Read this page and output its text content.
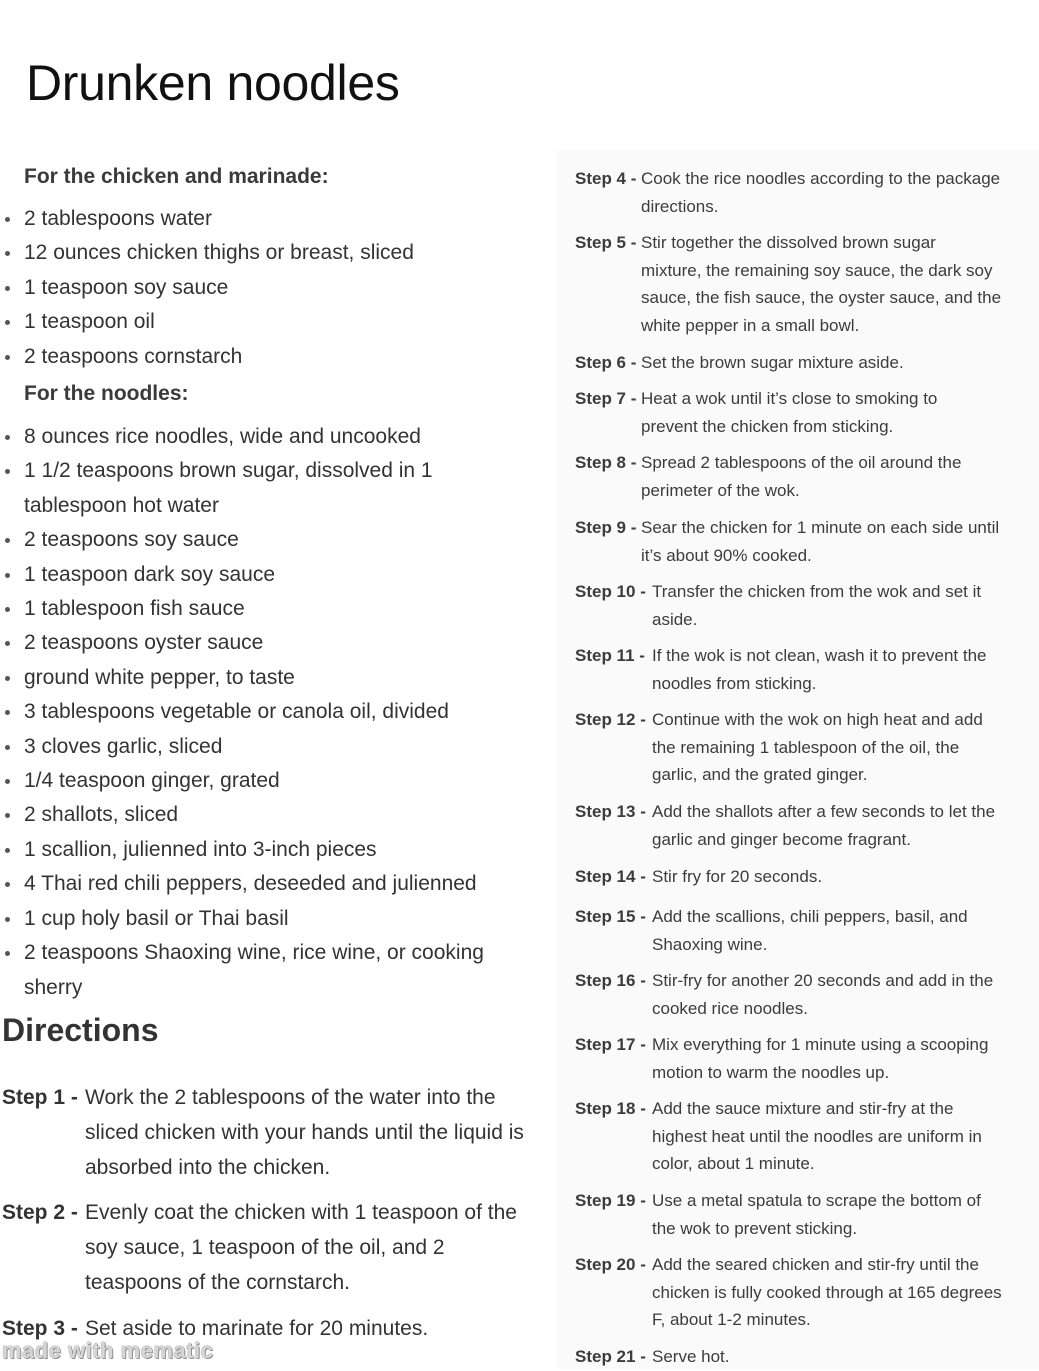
Drunken noodles
Directions
Step 4 - Cook the rice noodles according to the package
directions.
Step 5 - Stir together the dissolved brown sugar
mixture, the remaining soy sauce, the dark soy
sauce, the fish sauce, the oyster sauce, and the
white pepper in a small bowl.
Step 6 - Set the brown sugar mixture aside.
Step 7 - Heat a wok until it’s close to smoking to
prevent the chicken from sticking.
Step 8 - Spread 2 tablespoons of the oil around the
perimeter of the wok.
Step 9 - Sear the chicken for 1 minute on each side until
it’s about 90% cooked.
Step 10 - Transfer the chicken from the wok and set it
aside.
Step 11 - If the wok is not clean, wash it to prevent the
noodles from sticking.
Step 12 - Continue with the wok on high heat and add
the remaining 1 tablespoon of the oil, the
garlic, and the grated ginger.
Step 13 - Add the shallots after a few seconds to let the
garlic and ginger become fragrant.
Step 14 - Stir fry for 20 seconds.
Step 15 - Add the scallions, chili peppers, basil, and
Shaoxing wine.
Step 16 - Stir-fry for another 20 seconds and add in the
cooked rice noodles.
Step 17 - Mix everything for 1 minute using a scooping
motion to warm the noodles up.
Step 18 - Add the sauce mixture and stir-fry at the
highest heat until the noodles are uniform in
color, about 1 minute.
Step 19 - Use a metal spatula to scrape the bottom of
the wok to prevent sticking.
Step 20 - Add the seared chicken and stir-fry until the
chicken is fully cooked through at 165 degrees
F, about 1-2 minutes.
Step 21 - Serve hot.
made with mematic
For the chicken and marinade:
2 tablespoons water
12 ounces chicken thighs or breast, sliced
1 teaspoon soy sauce
1 teaspoon oil
2 teaspoons cornstarch
For the noodles:
8 ounces rice noodles, wide and uncooked
1 1/2 teaspoons brown sugar, dissolved in 1
tablespoon hot water
2 teaspoons soy sauce
1 teaspoon dark soy sauce
1 tablespoon fish sauce
2 teaspoons oyster sauce
ground white pepper, to taste
3 tablespoons vegetable or canola oil, divided
3 cloves garlic, sliced
1/4 teaspoon ginger, grated
2 shallots, sliced
1 scallion, julienned into 3-inch pieces
4 Thai red chili peppers, deseeded and julienned
1 cup holy basil or Thai basil
2 teaspoons Shaoxing wine, rice wine, or cooking
sherry
Step 1 - Work the 2 tablespoons of the water into the
sliced chicken with your hands until the liquid is
absorbed into the chicken.
Step 2 - Evenly coat the chicken with 1 teaspoon of the
soy sauce, 1 teaspoon of the oil, and 2
teaspoons of the cornstarch.
Step 3 - Set aside to marinate for 20 minutes.
